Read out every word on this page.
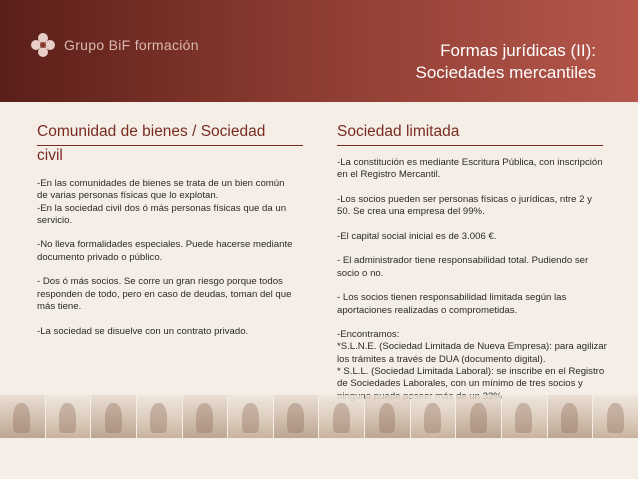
Grupo BiF formación	Formas jurídicas (II):
Sociedades mercantiles
Comunidad de bienes / Sociedad
civil

-En las comunidades de bienes se trata de un bien común de varias personas físicas que lo explotan.

-En la sociedad civil dos ó más personas físicas que da un servicio.

-No lleva formalidades especiales. Puede hacerse mediante documento privado o público.

- Dos ó más socios. Se corre un gran riesgo porque todos responden de todo, pero en caso de deudas, toman del que más tiene.

-La sociedad se disuelve con un contrato privado.

Sociedad limitada

-La constitución es mediante Escritura Pública, con inscripción en el Registro Mercantil.

-Los socios pueden ser personas físicas o jurídicas, ntre 2 y 50. Se crea una empresa del 99%.

-El capital social inicial es de 3.006 €.

- El administrador tiene responsabilidad total. Pudiendo ser socio o no.

- Los socios tienen responsabilidad limitada según las aportaciones realizadas o comprometidas.

-Encontramos:

*S.L.N.E. (Sociedad Limitada de Nueva Empresa): para agilizar los trámites a través de DUA (documento digital).

* S.L.L. (Sociedad Limitada Laboral): se inscribe en el Registro de Sociedades Laborales, con un mínimo de tres socios y
